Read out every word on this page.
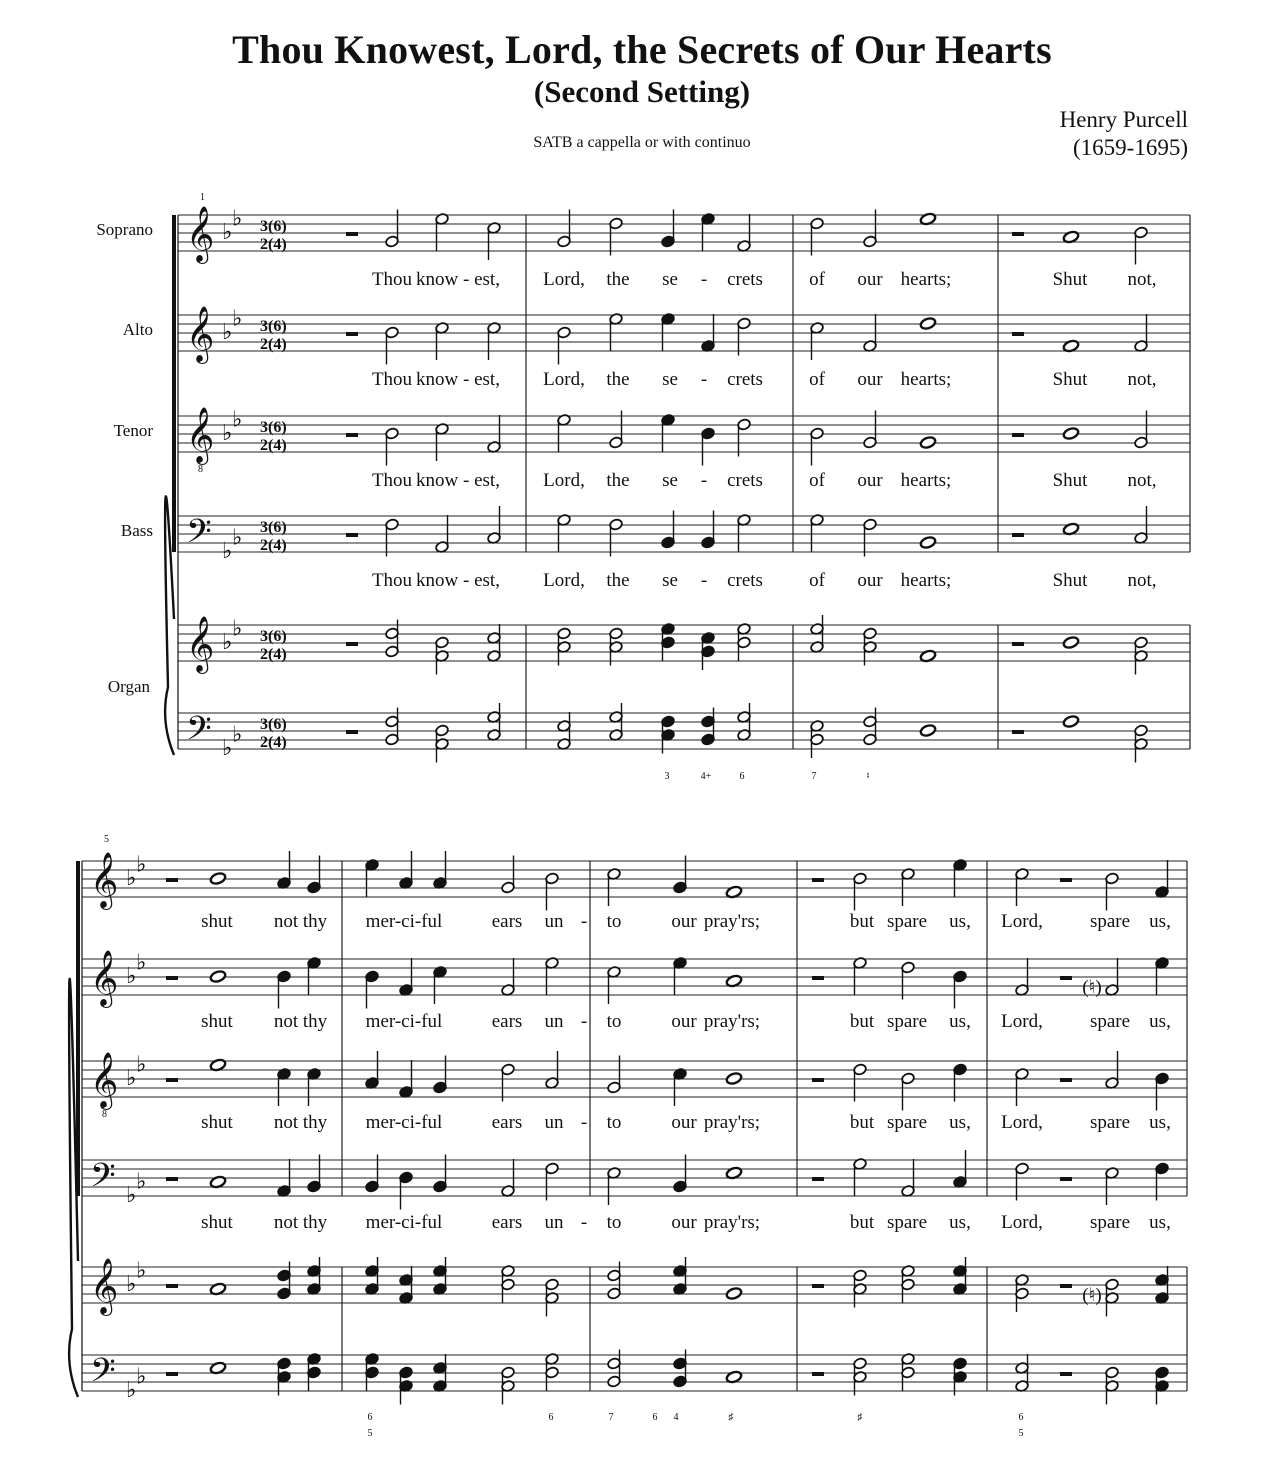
Thou Knowest, Lord, the Secrets of Our Hearts
(Second Setting)
SATB a cappella or with continuo
Henry Purcell
(1659-1695)
1
Soprano
Alto
Tenor
Bass
Organ
𝄞 ♭
♭ 3(6)
2(4)
𝄞 ♭
♭ 3(6)
2(4)
𝄞 ♭
♭ 3(6)
2(4)
8
𝄢 ♭
♭ 3(6)
2(4)
𝄞 ♭
♭ 3(6)
2(4)
𝄢 ♭
♭ 3(6)
2(4)
Thou know - est, Lord, the se - crets of our hearts;	Shut not,
Thou know - est, Lord, the se - crets of our hearts;	Shut not,
Thou know - est, Lord, the se - crets of our hearts;	Shut not,
Thou know - est, Lord, the se - crets of our hearts;	Shut not,
3	4+	6	7	♮
5
𝄞 ♭
♭
𝄞 ♭
♭
𝄞 ♭
♭
8
𝄢 ♭
♭
𝄞 ♭
♭
𝄢 ♭
♭
shut not thy mer-ci-ful	ears un - to	our pray'rs;	but spare us, Lord, spare us,
shut not thy mer-ci-ful	ears un - to	our pray'rs;	but spare us, Lord, spare us,
shut not thy mer-ci-ful	ears un - to	our pray'rs;	but spare us, Lord, spare us,
shut not thy mer-ci-ful	ears un - to	our pray'rs;	but spare us, Lord, spare us,
(♮)
(♮)
6
5
6	7	6 4	♯	♯	6
5
